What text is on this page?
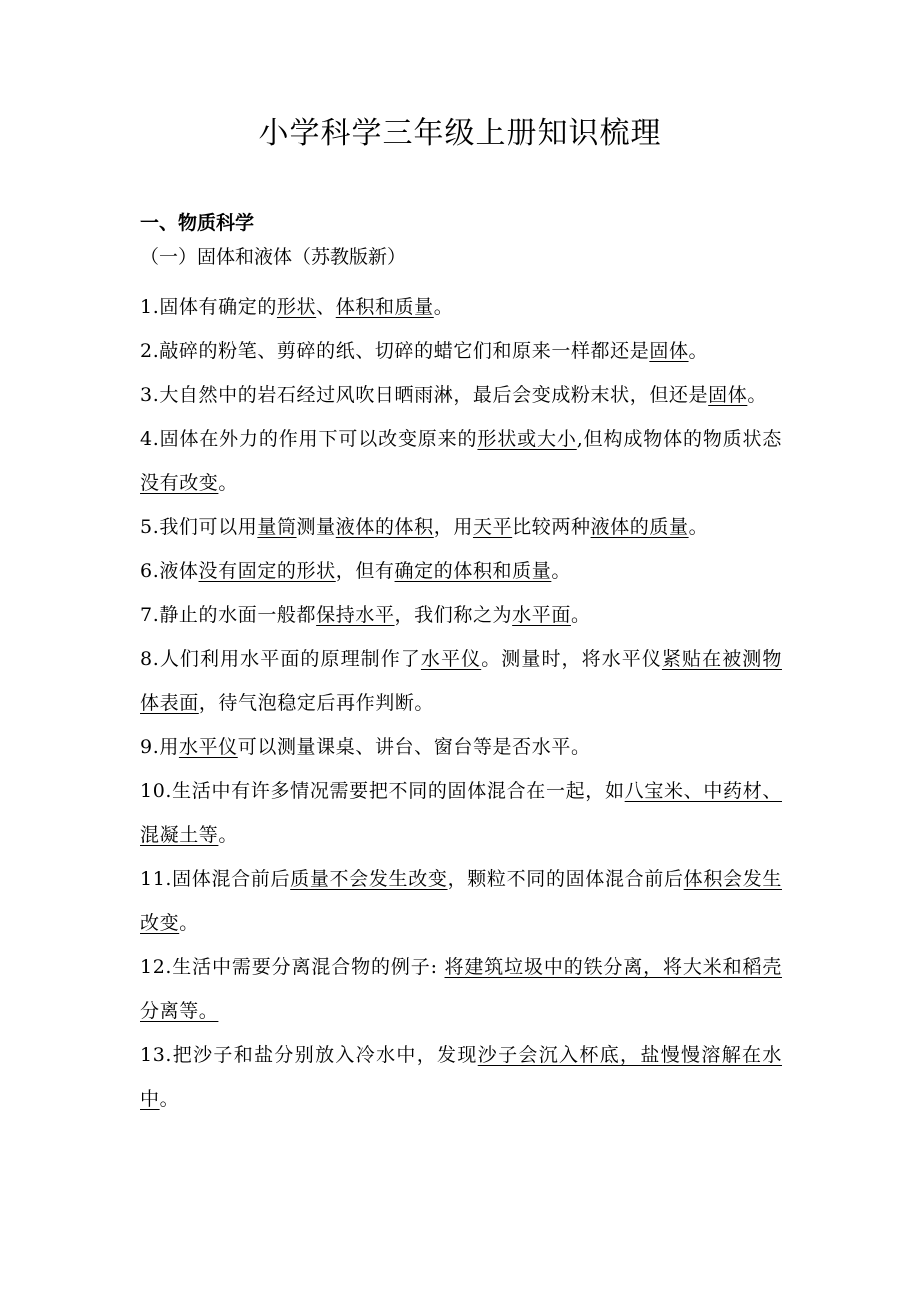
小学科学三年级上册知识梳理
一、物质科学
（一）固体和液体（苏教版新）

1.固体有确定的形状、体积和质量。

2.敲碎的粉笔、剪碎的纸、切碎的蜡它们和原来一样都还是固体。

3.大自然中的岩石经过风吹日晒雨淋，最后会变成粉末状，但还是固体。

4.固体在外力的作用下可以改变原来的形状或大小,但构成物体的物质状态没有改变。

5.我们可以用量筒测量液体的体积，用天平比较两种液体的质量。

6.液体没有固定的形状，但有确定的体积和质量。

7.静止的水面一般都保持水平，我们称之为水平面。

8.人们利用水平面的原理制作了水平仪。测量时，将水平仪紧贴在被测物体表面，待气泡稳定后再作判断。

9.用水平仪可以测量课桌、讲台、窗台等是否水平。

10.生活中有许多情况需要把不同的固体混合在一起，如八宝米、中药材、混凝土等。

11.固体混合前后质量不会发生改变，颗粒不同的固体混合前后体积会发生改变。

12.生活中需要分离混合物的例子: 将建筑垃圾中的铁分离，将大米和稻壳分离等。

13.把沙子和盐分别放入冷水中，发现沙子会沉入杯底，盐慢慢溶解在水中。
